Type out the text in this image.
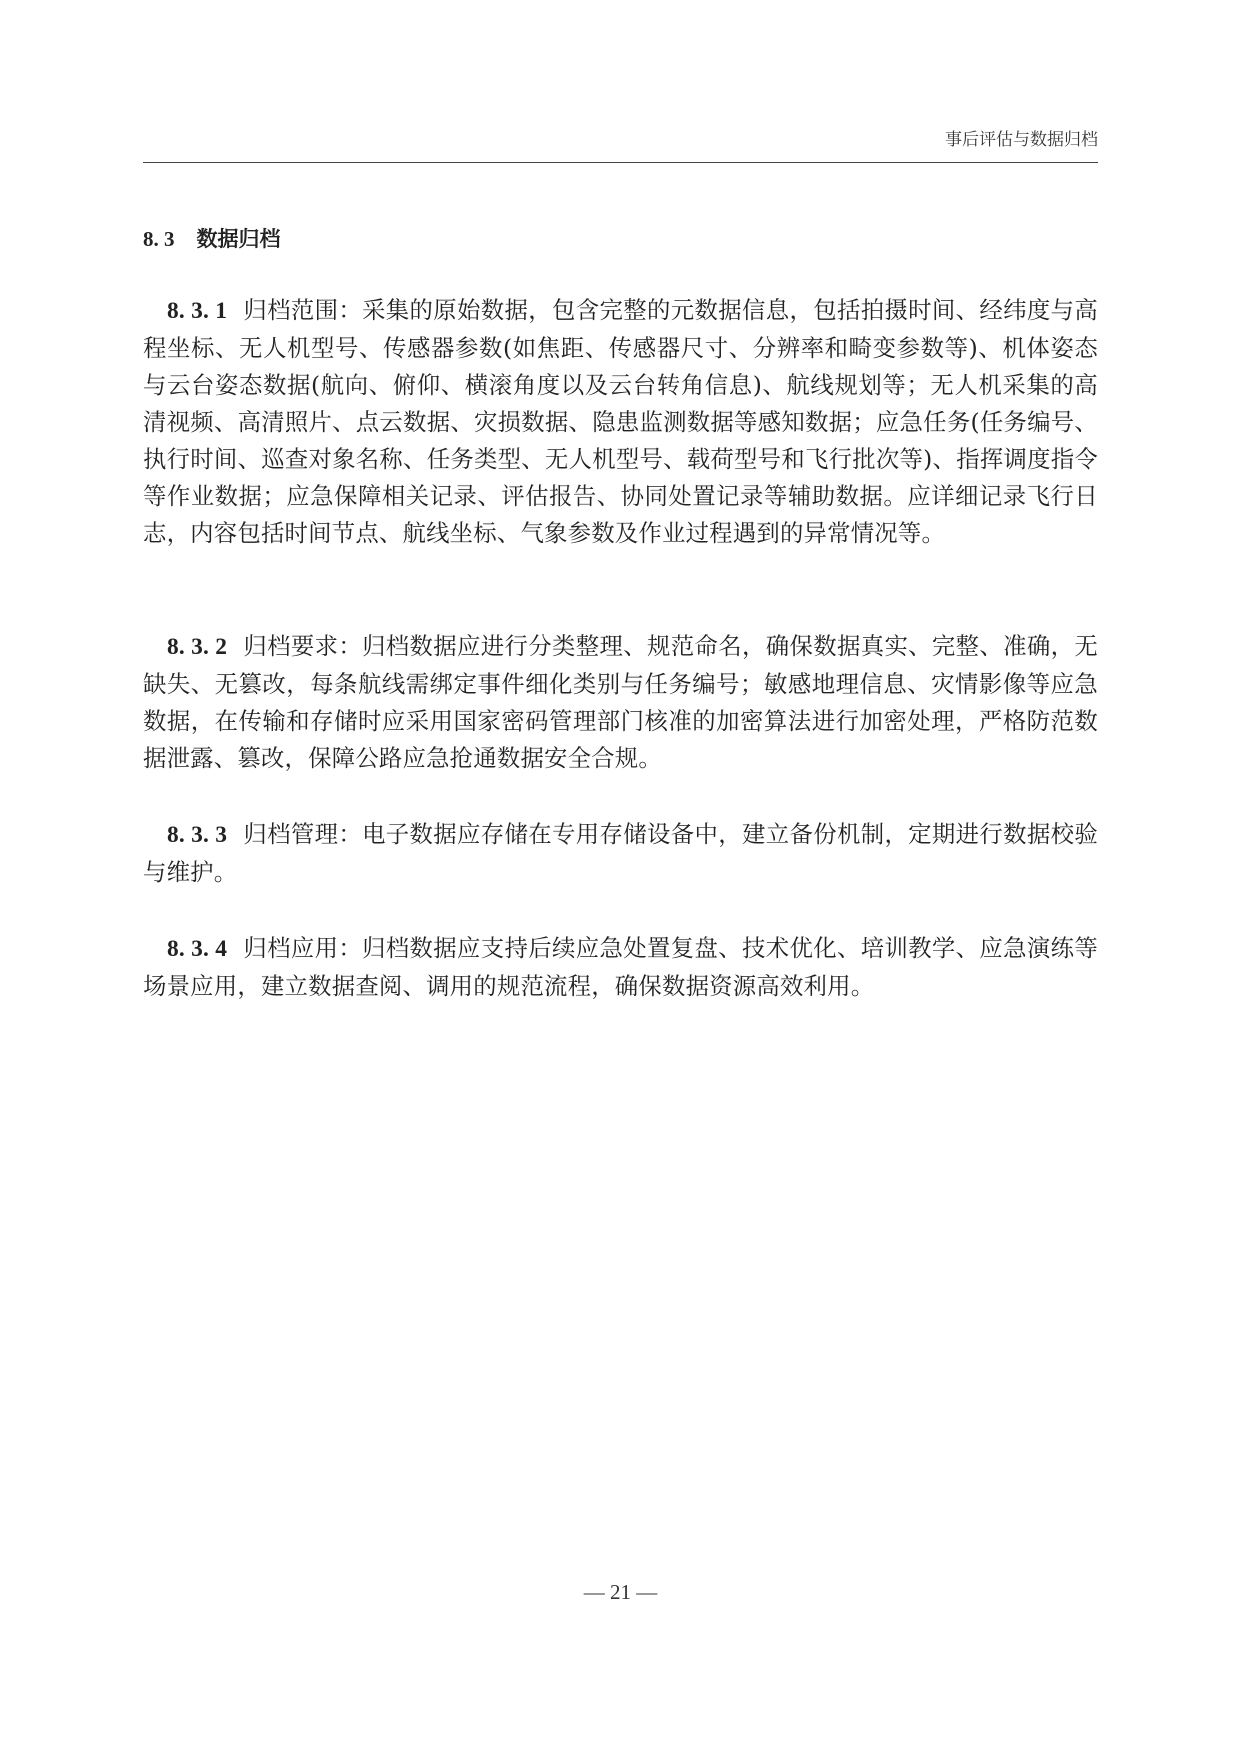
事后评估与数据归档
8. 3 数据归档

8. 3. 1 归档范围：采集的原始数据，包含完整的元数据信息，包括拍摄时间、经纬度与高程坐标、无人机型号、传感器参数(如焦距、传感器尺寸、分辨率和畸变参数等)、机体姿态与云台姿态数据(航向、俯仰、横滚角度以及云台转角信息)、航线规划等；无人机采集的高清视频、高清照片、点云数据、灾损数据、隐患监测数据等感知数据；应急任务(任务编号、执行时间、巡查对象名称、任务类型、无人机型号、载荷型号和飞行批次等)、指挥调度指令等作业数据；应急保障相关记录、评估报告、协同处置记录等辅助数据。应详细记录飞行日志，内容包括时间节点、航线坐标、气象参数及作业过程遇到的异常情况等。

8. 3. 2 归档要求：归档数据应进行分类整理、规范命名，确保数据真实、完整、准确，无缺失、无篡改，每条航线需绑定事件细化类别与任务编号；敏感地理信息、灾情影像等应急数据，在传输和存储时应采用国家密码管理部门核准的加密算法进行加密处理，严格防范数据泄露、篡改，保障公路应急抢通数据安全合规。

8. 3. 3 归档管理：电子数据应存储在专用存储设备中，建立备份机制，定期进行数据校验与维护。

8. 3. 4 归档应用：归档数据应支持后续应急处置复盘、技术优化、培训教学、应急演练等场景应用，建立数据查阅、调用的规范流程，确保数据资源高效利用。

— 21 —
